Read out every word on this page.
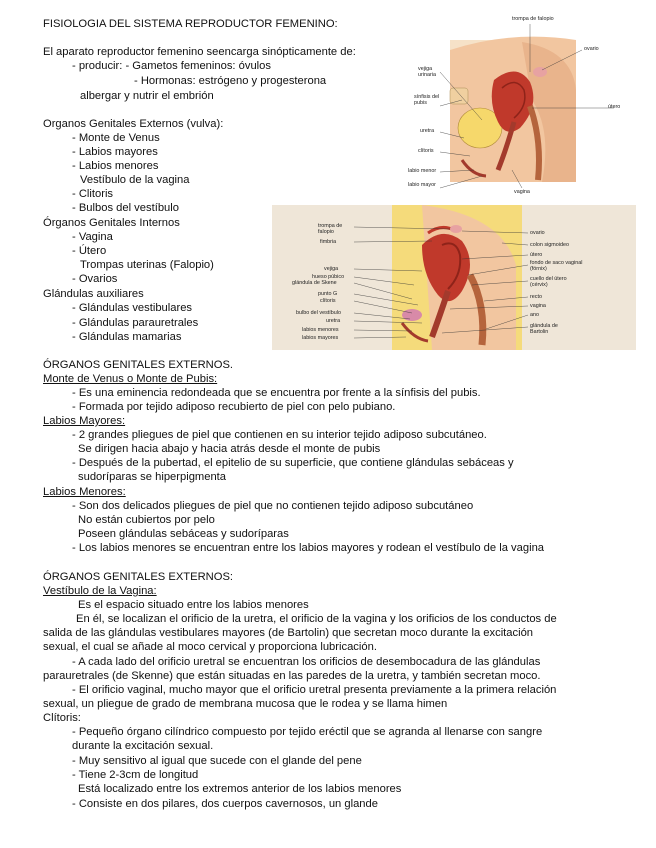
FISIOLOGIA DEL SISTEMA REPRODUCTOR FEMENINO:
El aparato reproductor femenino seencarga sinópticamente de:
- producir: - Gametos femeninos: óvulos
- Hormonas: estrógeno y progesterona
albergar y nutrir el embrión
Organos Genitales Externos (vulva):
- Monte de Venus
- Labios mayores
- Labios menores
Vestíbulo de la vagina
- Clitoris
- Bulbos del vestíbulo
Órganos Genitales Internos
- Vagina
- Útero
Trompas uterinas (Falopio)
- Ovarios
Glándulas auxiliares
- Glándulas vestibulares
- Glándulas parauretrales
- Glándulas mamarias
ÓRGANOS GENITALES EXTERNOS.
Monte de Venus o Monte de Pubis:
- Es una eminencia redondeada que se encuentra por frente a la sínfisis del pubis.
- Formada por tejido adiposo recubierto de piel con pelo pubiano.
Labios Mayores:
- 2 grandes pliegues de piel que contienen en su interior tejido adiposo subcutáneo.
Se dirigen hacia abajo y hacia atrás desde el monte de pubis
- Después de la pubertad, el epitelio de su superficie, que contiene glándulas sebáceas y
sudoríparas se hiperpigmenta
Labios Menores:
- Son dos delicados pliegues de piel que no contienen tejido adiposo subcutáneo
No están cubiertos por pelo
Poseen glándulas sebáceas y sudoríparas
- Los labios menores se encuentran entre los labios mayores y rodean el vestíbulo de la vagina
ÓRGANOS GENITALES EXTERNOS:
Vestíbulo de la Vagina:
Es el espacio situado entre los labios menores
En él, se localizan el orificio de la uretra, el orificio de la vagina y los orificios de los conductos de
salida de las glándulas vestibulares mayores (de Bartolin) que secretan moco durante la excitación
sexual, el cual se añade al moco cervical y proporciona lubricación.
- A cada lado del orificio uretral se encuentran los orificios de desembocadura de las glándulas
parauretrales (de Skenne) que están situadas en las paredes de la uretra, y también secretan moco.
- El orificio vaginal, mucho mayor que el orificio uretral presenta previamente a la primera relación
sexual, un pliegue de grado de membrana mucosa que le rodea y se llama himen
Clítoris:
- Pequeño órgano cilíndrico compuesto por tejido eréctil que se agranda al llenarse con sangre
durante la excitación sexual.
- Muy sensitivo al igual que sucede con el glande del pene
- Tiene 2-3cm de longitud
Está localizado entre los extremos anterior de los labios menores
- Consiste en dos pilares, dos cuerpos cavernosos, un glande
trompa de falopio
ovario
útero
vejiga urinaria
sínfisis del pubis
uretra
clítoris
labio menor
labio mayor
vagina
trompa de falopio
fimbria
vejiga
hueso púbico
glándula de Skene
punto G
clítoris
bulbo del vestíbulo
uretra
labios menores
labios mayores
ovario
colon sigmoideo
útero
fondo de saco vaginal (fórnix)
cuello del útero (cérvix)
recto
vagina
ano
glándula de Bartolin
